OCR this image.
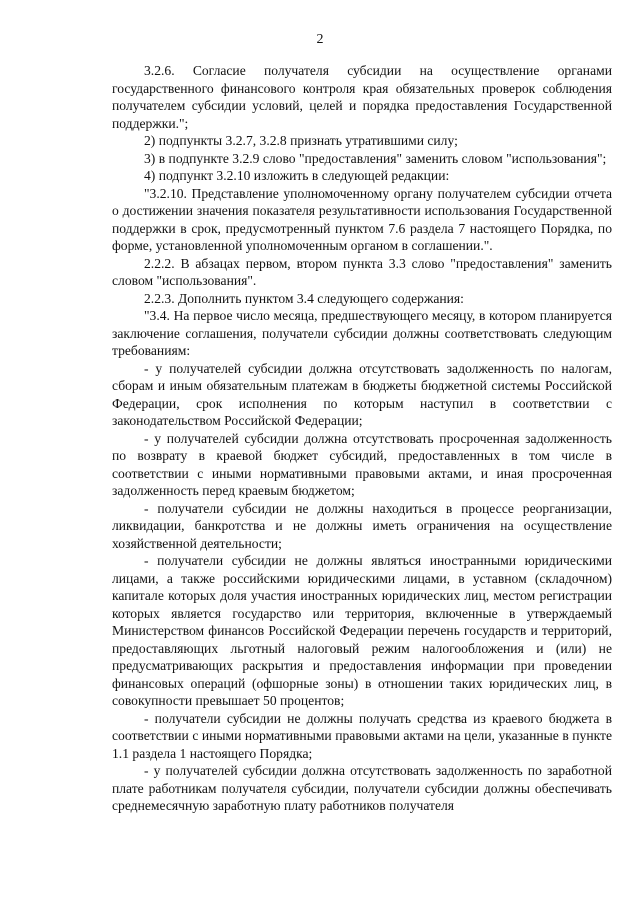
2

3.2.6. Согласие получателя субсидии на осуществление органами государственного финансового контроля края обязательных проверок соблюдения получателем субсидии условий, целей и порядка предоставления Государственной поддержки.";

2) подпункты 3.2.7, 3.2.8 признать утратившими силу;

3) в подпункте 3.2.9 слово "предоставления" заменить словом "использования";

4) подпункт 3.2.10 изложить в следующей редакции:

"3.2.10. Представление уполномоченному органу получателем субсидии отчета о достижении значения показателя результативности использования Государственной поддержки в срок, предусмотренный пунктом 7.6 раздела 7 настоящего Порядка, по форме, установленной уполномоченным органом в соглашении.".

2.2.2. В абзацах первом, втором пункта 3.3 слово "предоставления" заменить словом "использования".

2.2.3. Дополнить пунктом 3.4 следующего содержания:

"3.4. На первое число месяца, предшествующего месяцу, в котором планируется заключение соглашения, получатели субсидии должны соответствовать следующим требованиям:

- у получателей субсидии должна отсутствовать задолженность по налогам, сборам и иным обязательным платежам в бюджеты бюджетной системы Российской Федерации, срок исполнения по которым наступил в соответствии с законодательством Российской Федерации;

- у получателей субсидии должна отсутствовать просроченная задолженность по возврату в краевой бюджет субсидий, предоставленных в том числе в соответствии с иными нормативными правовыми актами, и иная просроченная задолженность перед краевым бюджетом;

- получатели субсидии не должны находиться в процессе реорганизации, ликвидации, банкротства и не должны иметь ограничения на осуществление хозяйственной деятельности;

- получатели субсидии не должны являться иностранными юридическими лицами, а также российскими юридическими лицами, в уставном (складочном) капитале которых доля участия иностранных юридических лиц, местом регистрации которых является государство или территория, включенные в утверждаемый Министерством финансов Российской Федерации перечень государств и территорий, предоставляющих льготный налоговый режим налогообложения и (или) не предусматривающих раскрытия и предоставления информации при проведении финансовых операций (офшорные зоны) в отношении таких юридических лиц, в совокупности превышает 50 процентов;

- получатели субсидии не должны получать средства из краевого бюджета в соответствии с иными нормативными правовыми актами на цели, указанные в пункте 1.1 раздела 1 настоящего Порядка;

- у получателей субсидии должна отсутствовать задолженность по заработной плате работникам получателя субсидии, получатели субсидии должны обеспечивать среднемесячную заработную плату работников получателя
